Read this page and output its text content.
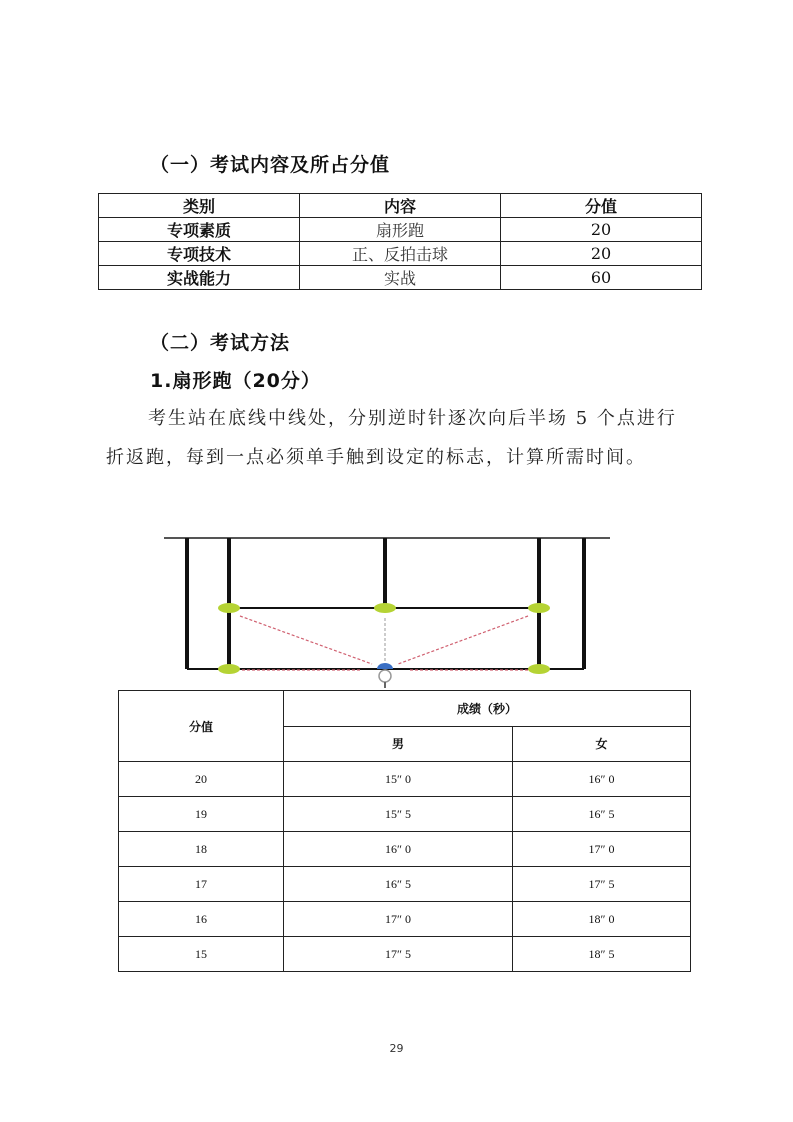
（一）考试内容及所占分值
类别	内容	分值
专项素质	扇形跑	20
专项技术	正、反拍击球	20
实战能力	实战	60
（二）考试方法
1.扇形跑（20分）
考生站在底线中线处，分别逆时针逐次向后半场 5 个点进行
折返跑，每到一点必须单手触到设定的标志，计算所需时间。
分值	成绩（秒）	
	男	女
20	15″ 0	16″ 0
19	15″ 5	16″ 5
18	16″ 0	17″ 0
17	16″ 5	17″ 5
16	17″ 0	18″ 0
15	17″ 5	18″ 5
29
